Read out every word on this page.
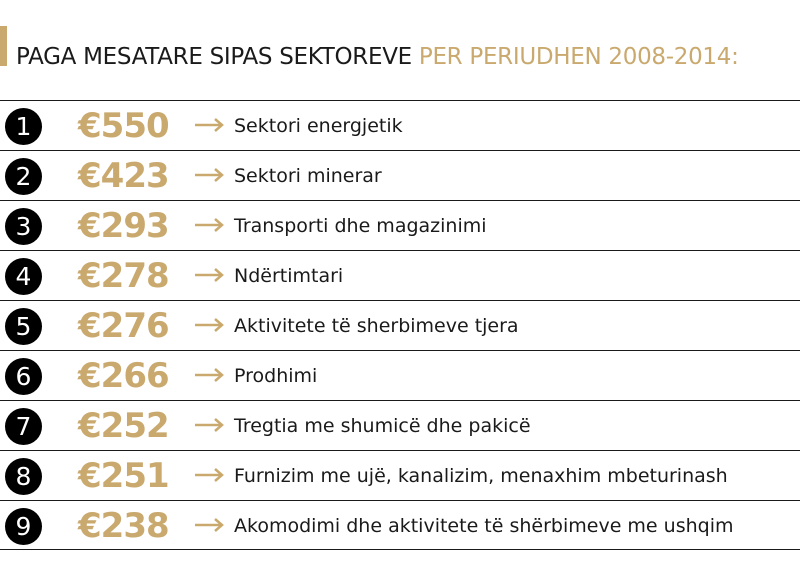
PAGA MESATARE SIPAS SEKTOREVE PER PERIUDHEN 2008-2014:
1	€550	Sektori energjetik
2	€423	Sektori minerar
3	€293	Transporti dhe magazinimi
4	€278	Ndërtimtari
5	€276	Aktivitete të sherbimeve tjera
6	€266	Prodhimi
7	€252	Tregtia me shumicë dhe pakicë
8	€251	Furnizim me ujë, kanalizim, menaxhim mbeturinash
9	€238	Akomodimi dhe aktivitete të shërbimeve me ushqim
